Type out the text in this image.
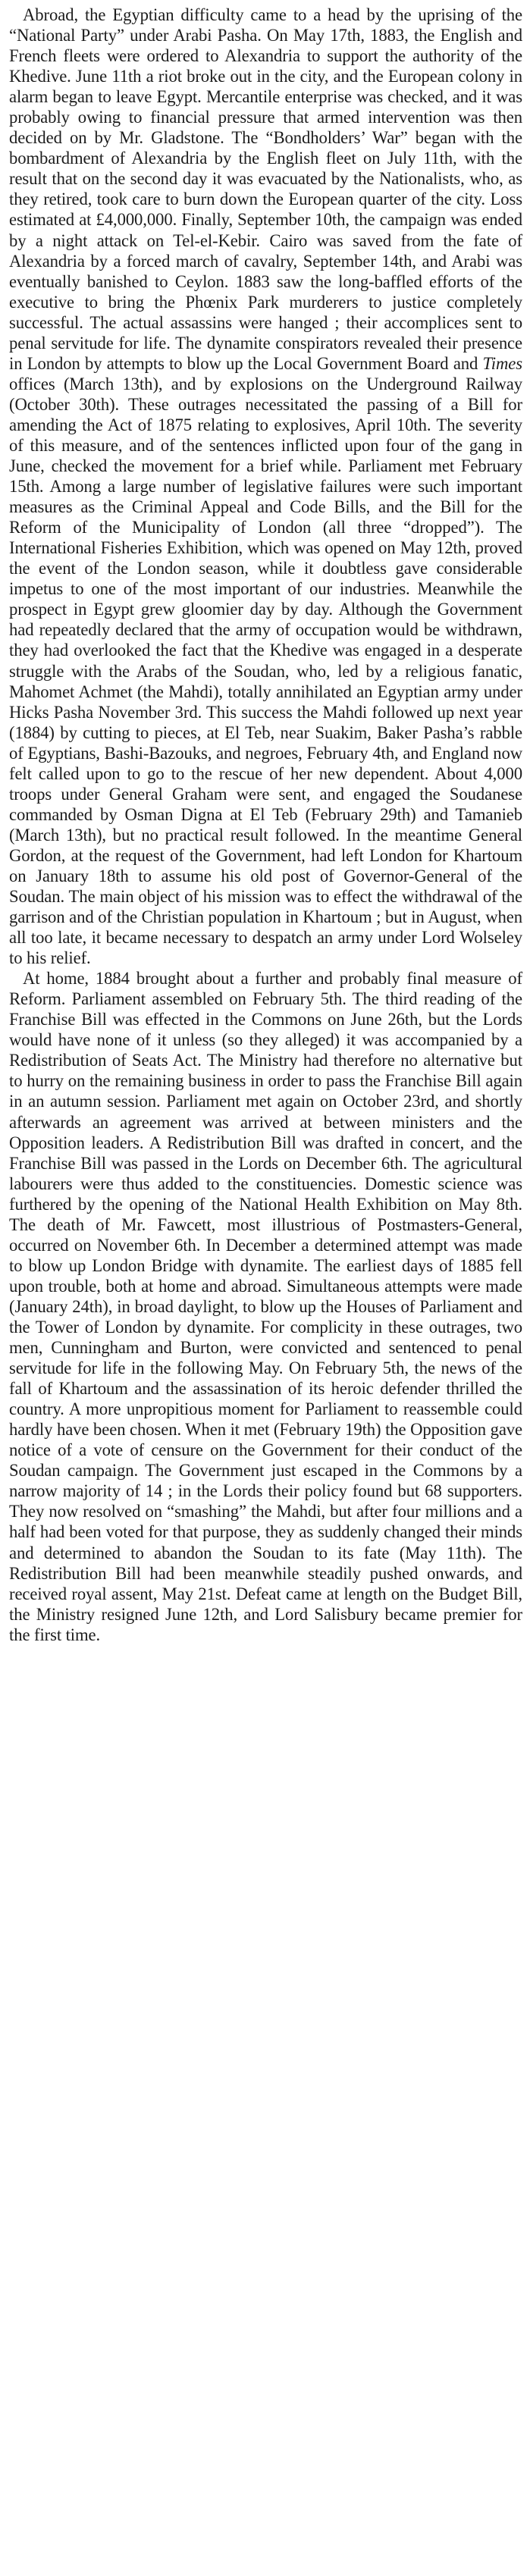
Abroad, the Egyptian difficulty came to a head by the uprising of the “National Party” under Arabi Pasha. On May 17th, 1883, the English and French fleets were ordered to Alexandria to support the authority of the Khedive. June 11th a riot broke out in the city, and the European colony in alarm began to leave Egypt. Mercantile enterprise was checked, and it was probably owing to financial pressure that armed intervention was then decided on by Mr. Gladstone. The “Bondholders’ War” began with the bombardment of Alexandria by the English fleet on July 11th, with the result that on the second day it was evacuated by the Nationalists, who, as they retired, took care to burn down the European quarter of the city. Loss estimated at £4,000,000. Finally, September 10th, the campaign was ended by a night attack on Tel-el-Kebir. Cairo was saved from the fate of Alexandria by a forced march of cavalry, September 14th, and Arabi was eventually banished to Ceylon. 1883 saw the long-baffled efforts of the executive to bring the Phœnix Park murderers to justice completely successful. The actual assassins were hanged ; their accomplices sent to penal servitude for life. The dynamite conspirators revealed their presence in London by attempts to blow up the Local Government Board and Times offices (March 13th), and by explosions on the Underground Railway (October 30th). These outrages necessitated the passing of a Bill for amending the Act of 1875 relating to explosives, April 10th. The severity of this measure, and of the sentences inflicted upon four of the gang in June, checked the movement for a brief while. Parliament met February 15th. Among a large number of legislative failures were such important measures as the Criminal Appeal and Code Bills, and the Bill for the Reform of the Municipality of London (all three “dropped”). The International Fisheries Exhibition, which was opened on May 12th, proved the event of the London season, while it doubtless gave considerable impetus to one of the most important of our industries. Meanwhile the prospect in Egypt grew gloomier day by day. Although the Government had repeatedly declared that the army of occupation would be withdrawn, they had overlooked the fact that the Khedive was engaged in a desperate struggle with the Arabs of the Soudan, who, led by a religious fanatic, Mahomet Achmet (the Mahdi), totally annihilated an Egyptian army under Hicks Pasha November 3rd. This success the Mahdi followed up next year (1884) by cutting to pieces, at El Teb, near Suakim, Baker Pasha’s rabble of Egyptians, Bashi-Bazouks, and negroes, February 4th, and England now felt called upon to go to the rescue of her new dependent. About 4,000 troops under General Graham were sent, and engaged the Soudanese commanded by Osman Digna at El Teb (February 29th) and Tamanieb (March 13th), but no practical result followed. In the meantime General Gordon, at the request of the Government, had left London for Khartoum on January 18th to assume his old post of Governor-General of the Soudan. The main object of his mission was to effect the withdrawal of the garrison and of the Christian population in Khartoum ; but in August, when all too late, it became necessary to despatch an army under Lord Wolseley to his relief.

At home, 1884 brought about a further and probably final measure of Reform. Parliament assembled on February 5th. The third reading of the Franchise Bill was effected in the Commons on June 26th, but the Lords would have none of it unless (so they alleged) it was accompanied by a Redistribution of Seats Act. The Ministry had therefore no alternative but to hurry on the remaining business in order to pass the Franchise Bill again in an autumn session. Parliament met again on October 23rd, and shortly afterwards an agreement was arrived at between ministers and the Opposition leaders. A Redistribution Bill was drafted in concert, and the Franchise Bill was passed in the Lords on December 6th. The agricultural labourers were thus added to the constituencies. Domestic science was furthered by the opening of the National Health Exhibition on May 8th. The death of Mr. Fawcett, most illustrious of Postmasters-General, occurred on November 6th. In December a determined attempt was made to blow up London Bridge with dynamite. The earliest days of 1885 fell upon trouble, both at home and abroad. Simultaneous attempts were made (January 24th), in broad daylight, to blow up the Houses of Parliament and the Tower of London by dynamite. For complicity in these outrages, two men, Cunningham and Burton, were convicted and sentenced to penal servitude for life in the following May. On February 5th, the news of the fall of Khartoum and the assassination of its heroic defender thrilled the country. A more unpropitious moment for Parliament to reassemble could hardly have been chosen. When it met (February 19th) the Opposition gave notice of a vote of censure on the Government for their conduct of the Soudan campaign. The Government just escaped in the Commons by a narrow majority of 14 ; in the Lords their policy found but 68 supporters. They now resolved on “smashing” the Mahdi, but after four millions and a half had been voted for that purpose, they as suddenly changed their minds and determined to abandon the Soudan to its fate (May 11th). The Redistribution Bill had been meanwhile steadily pushed onwards, and received royal assent, May 21st. Defeat came at length on the Budget Bill, the Ministry resigned June 12th, and Lord Salisbury became premier for the first time.
